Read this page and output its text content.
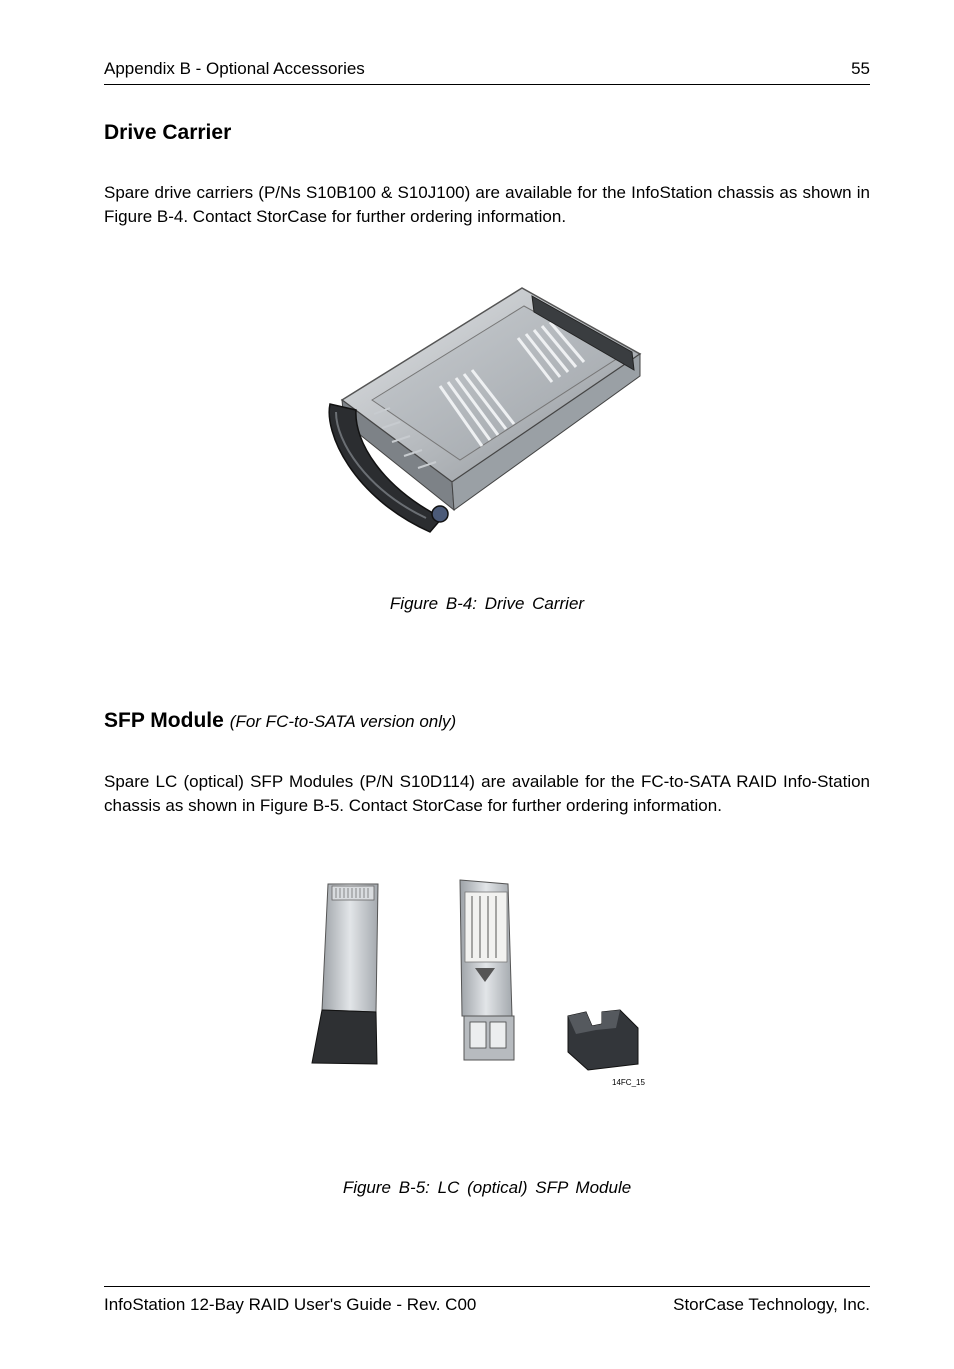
Appendix B - Optional Accessories	55
Drive Carrier

Spare drive carriers (P/Ns S10B100 & S10J100) are available for the InfoStation chassis as shown in Figure B-4. Contact StorCase for further ordering information.

Figure B-4: Drive Carrier
SFP Module (For FC-to-SATA version only)

Spare LC (optical) SFP Modules (P/N S10D114) are available for the FC-to-SATA RAID Info-Station chassis as shown in Figure B-5. Contact StorCase for further ordering information.

14FC_15
Figure B-5: LC (optical) SFP Module
InfoStation 12-Bay RAID User's Guide - Rev. C00	StorCase Technology, Inc.
